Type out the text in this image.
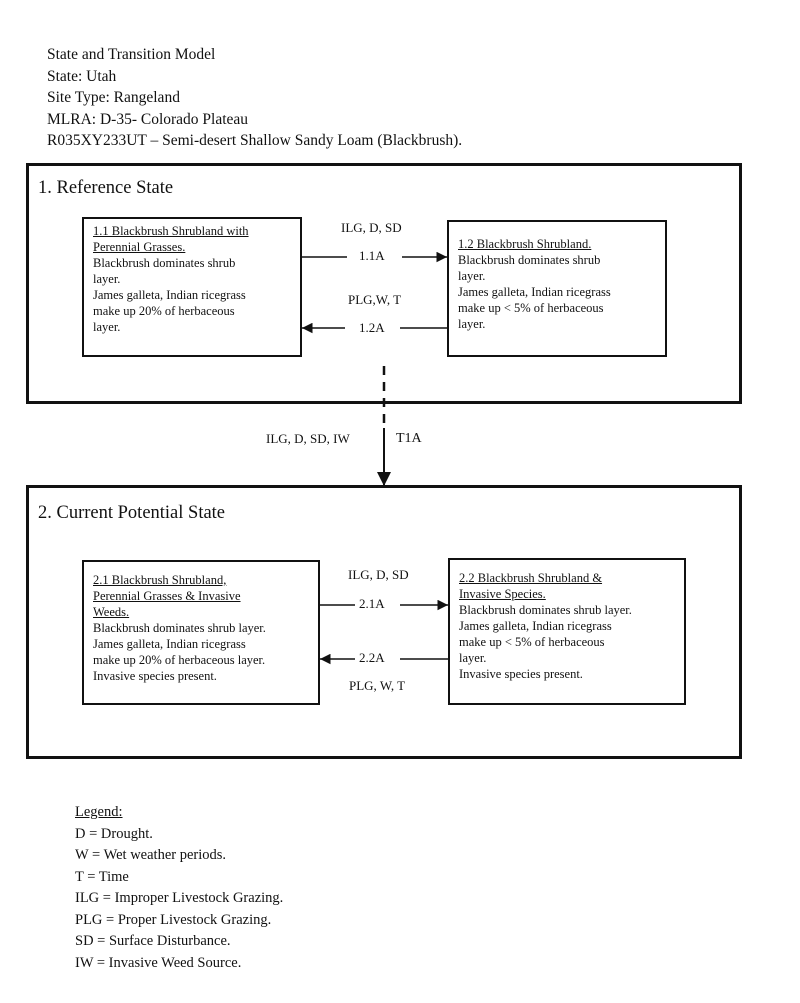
State and Transition Model
State: Utah
Site Type: Rangeland
MLRA: D-35- Colorado Plateau
R035XY233UT – Semi-desert Shallow Sandy Loam (Blackbrush).
1. Reference State
1.1 Blackbrush Shrubland with
Perennial Grasses.
Blackbrush dominates shrub
layer.
James galleta, Indian ricegrass
make up 20% of herbaceous
layer.
1.2 Blackbrush Shrubland.
Blackbrush dominates shrub
layer.
James galleta, Indian ricegrass
make up < 5% of herbaceous
layer.
ILG, D, SD
1.1A
PLG,W, T
1.2A
ILG, D, SD, IW	T1A
2. Current Potential State
2.1 Blackbrush Shrubland,
Perennial Grasses & Invasive
Weeds.
Blackbrush dominates shrub layer.
James galleta, Indian ricegrass
make up 20% of herbaceous layer.
Invasive species present.
2.2 Blackbrush Shrubland &
Invasive Species.
Blackbrush dominates shrub layer.
James galleta, Indian ricegrass
make up < 5% of herbaceous
layer.
Invasive species present.
ILG, D, SD
2.1A
2.2A
PLG, W, T
Legend:
D = Drought.
W = Wet weather periods.
T = Time
ILG = Improper Livestock Grazing.
PLG = Proper Livestock Grazing.
SD = Surface Disturbance.
IW = Invasive Weed Source.
